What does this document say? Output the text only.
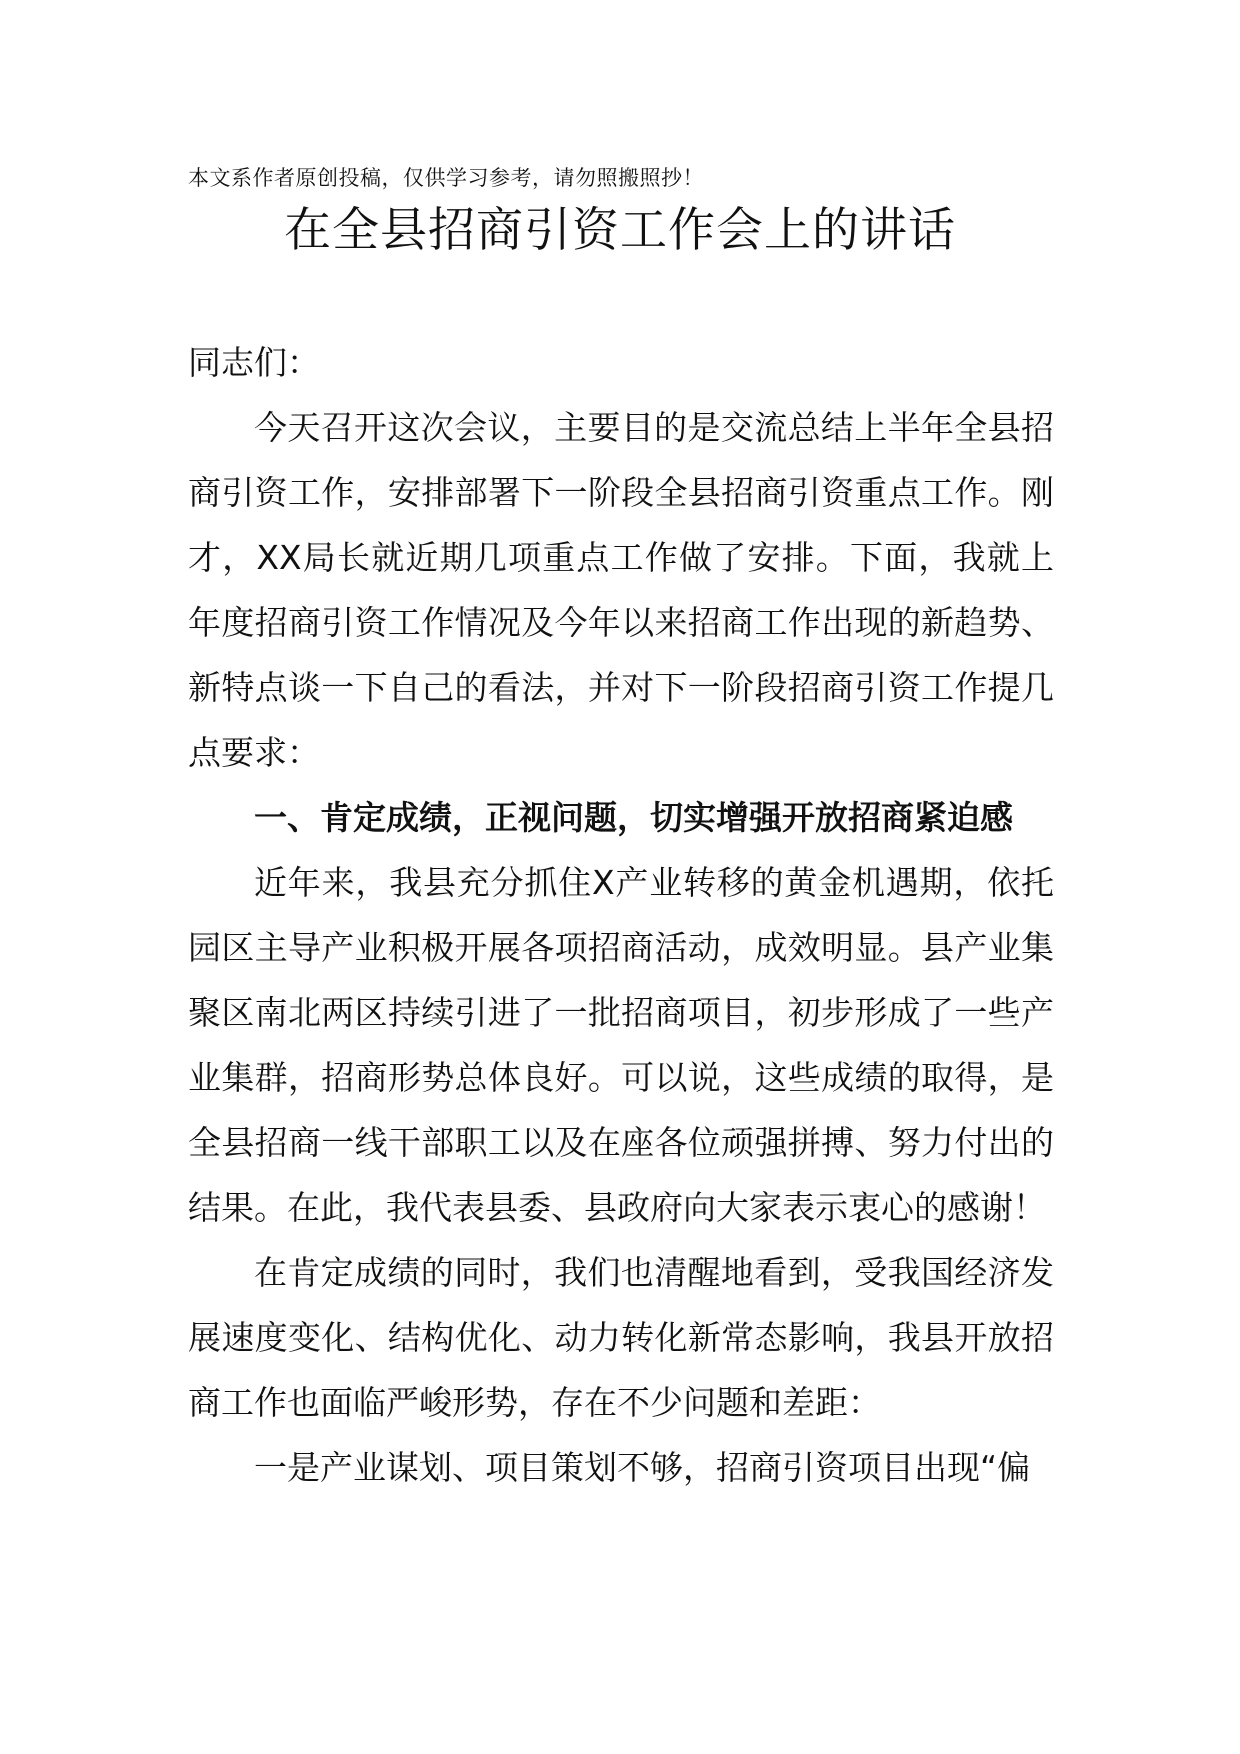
本文系作者原创投稿，仅供学习参考，请勿照搬照抄！
在全县招商引资工作会上的讲话

同志们：

今天召开这次会议，主要目的是交流总结上半年全县招商引资工作，安排部署下一阶段全县招商引资重点工作。刚才，XX局长就近期几项重点工作做了安排。下面，我就上年度招商引资工作情况及今年以来招商工作出现的新趋势、新特点谈一下自己的看法，并对下一阶段招商引资工作提几点要求：

一、肯定成绩，正视问题，切实增强开放招商紧迫感

近年来，我县充分抓住X产业转移的黄金机遇期，依托园区主导产业积极开展各项招商活动，成效明显。县产业集聚区南北两区持续引进了一批招商项目，初步形成了一些产业集群，招商形势总体良好。可以说，这些成绩的取得，是全县招商一线干部职工以及在座各位顽强拼搏、努力付出的结果。在此，我代表县委、县政府向大家表示衷心的感谢！

在肯定成绩的同时，我们也清醒地看到，受我国经济发展速度变化、结构优化、动力转化新常态影响，我县开放招商工作也面临严峻形势，存在不少问题和差距：

一是产业谋划、项目策划不够，招商引资项目出现“偏
